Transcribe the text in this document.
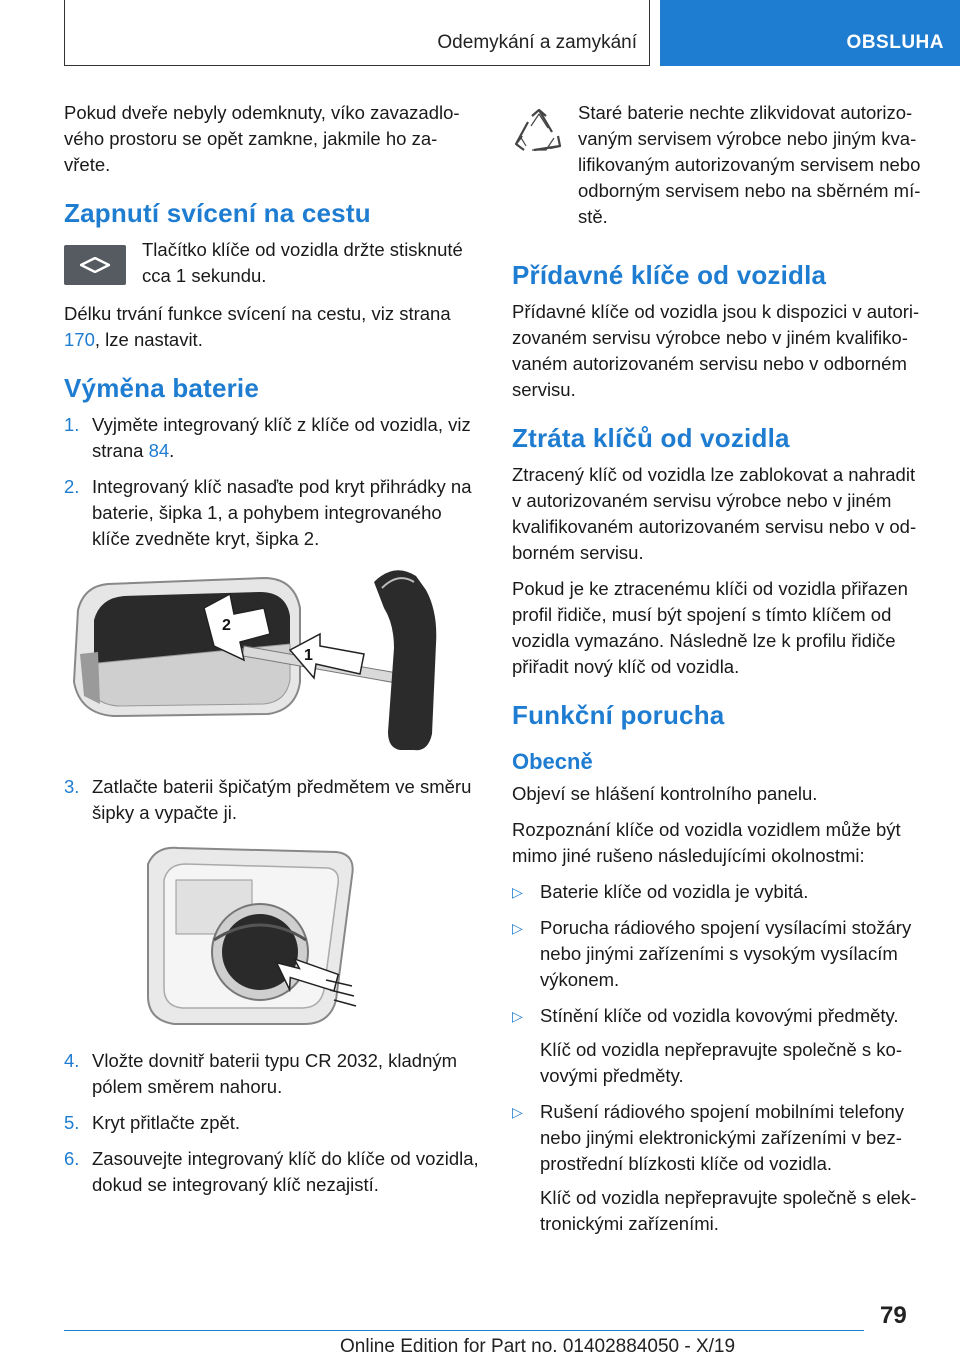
Odemykání a zamykání	OBSLUHA

Pokud dveře nebyly odemknuty, víko zavazadlo‐vého prostoru se opět zamkne, jakmile ho za‐vřete.

Zapnutí svícení na cestu
Tlačítko klíče od vozidla držte stisknuté cca 1 sekundu.

Délku trvání funkce svícení na cestu, viz strana 170, lze nastavit.

Výměna baterie
1. Vyjměte integrovaný klíč z klíče od vozidla, viz strana 84.
2. Integrovaný klíč nasaďte pod kryt přihrádky na baterie, šipka 1, a pohybem integrovaného klíče zvedněte kryt, šipka 2.
2
1
3. Zatlačte baterii špičatým předmětem ve směru šipky a vypačte ji.
4. Vložte dovnitř baterii typu CR 2032, kladným pólem směrem nahoru.
5. Kryt přitlačte zpět.
6. Zasouvejte integrovaný klíč do klíče od vozidla, dokud se integrovaný klíč nezajistí.

Staré baterie nechte zlikvidovat autorizo‐vaným servisem výrobce nebo jiným kva‐lifikovaným autorizovaným servisem nebo odborným servisem nebo na sběrném mí‐stě.

Přídavné klíče od vozidla

Přídavné klíče od vozidla jsou k dispozici v autori‐zovaném servisu výrobce nebo v jiném kvalifiko‐vaném autorizovaném servisu nebo v odborném servisu.

Ztráta klíčů od vozidla

Ztracený klíč od vozidla lze zablokovat a nahradit v autorizovaném servisu výrobce nebo v jiném kvalifikovaném autorizovaném servisu nebo v od‐borném servisu.

Pokud je ke ztracenému klíči od vozidla přiřazen profil řidiče, musí být spojení s tímto klíčem od vozidla vymazáno. Následně lze k profilu řidiče přiřadit nový klíč od vozidla.

Funkční porucha
Obecně

Objeví se hlášení kontrolního panelu.

Rozpoznání klíče od vozidla vozidlem může být mimo jiné rušeno následujícími okolnostmi:

▷ Baterie klíče od vozidla je vybitá.
▷ Porucha rádiového spojení vysílacími stožáry nebo jinými zařízeními s vysokým vysílacím výkonem.
▷ Stínění klíče od vozidla kovovými předměty.
Klíč od vozidla nepřepravujte společně s ko‐vovými předměty.
▷ Rušení rádiového spojení mobilními telefony nebo jinými elektronickými zařízeními v bez‐prostřední blízkosti klíče od vozidla.
Klíč od vozidla nepřepravujte společně s elek‐tronickými zařízeními.
79
Online Edition for Part no. 01402884050 - X/19
